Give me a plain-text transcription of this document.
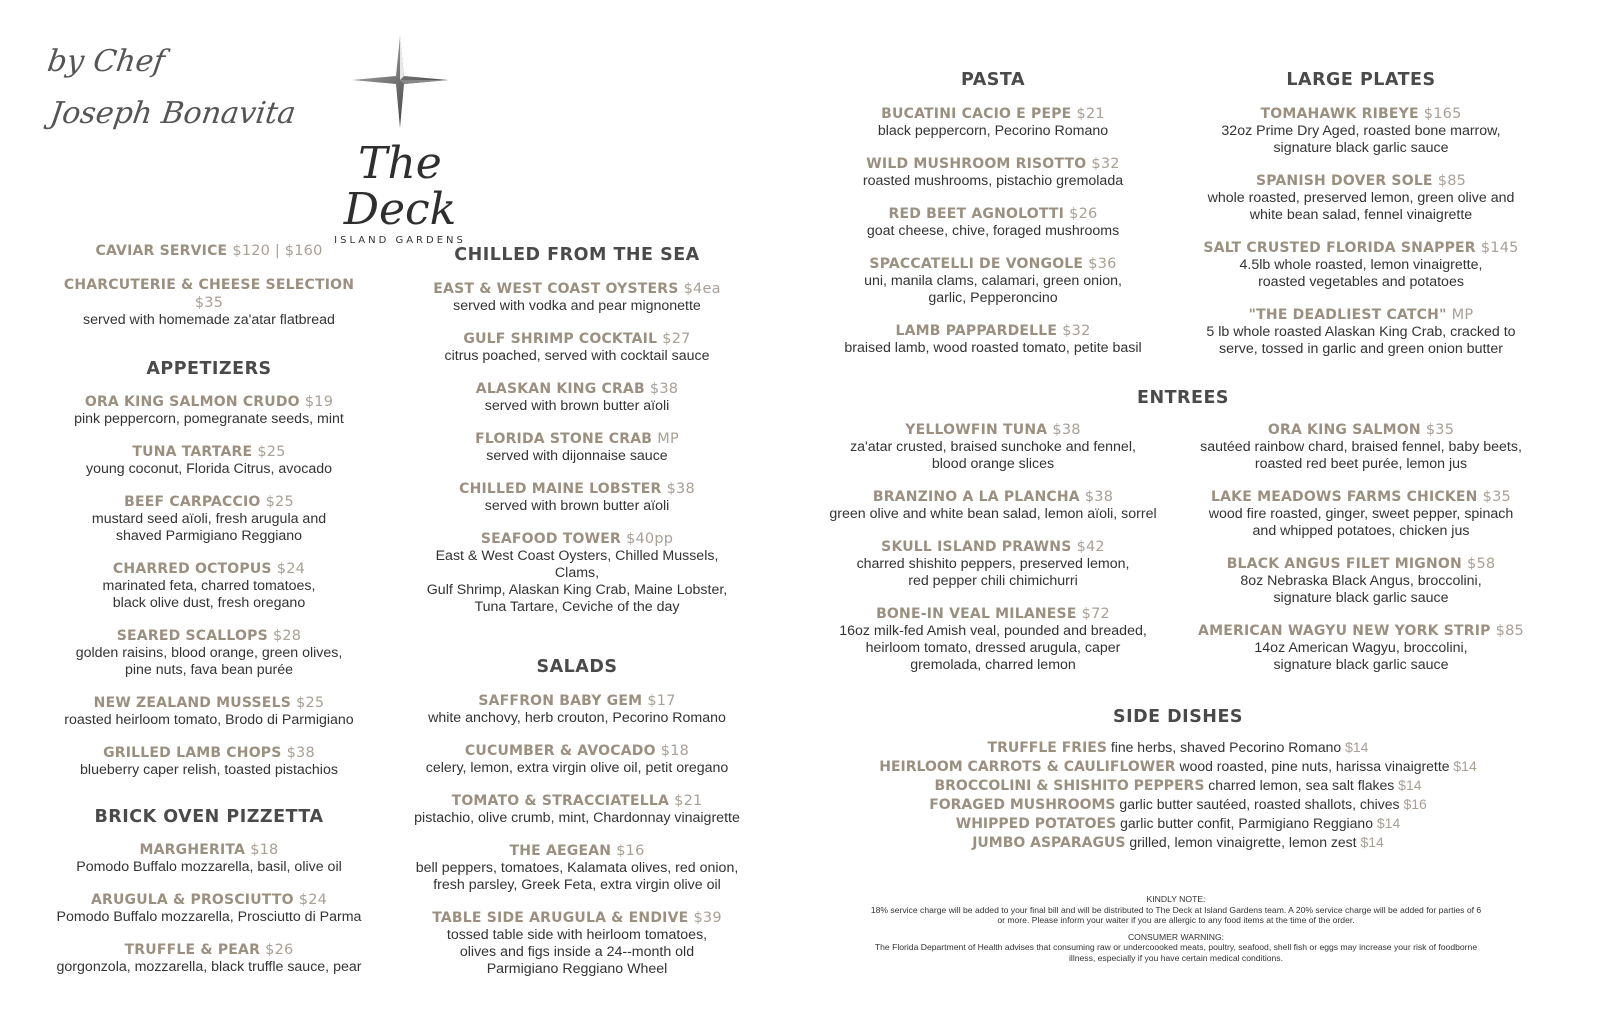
by Chef
Joseph Bonavita
The Deck
ISLAND GARDENS
CAVIAR SERVICE $120 | $160
CHARCUTERIE & CHEESE SELECTION $35
served with homemade za'atar flatbread
APPETIZERS
ORA KING SALMON CRUDO $19
pink peppercorn, pomegranate seeds, mint
TUNA TARTARE $25
young coconut, Florida Citrus, avocado
BEEF CARPACCIO $25
mustard seed aïoli, fresh arugula and
shaved Parmigiano Reggiano
CHARRED OCTOPUS $24
marinated feta, charred tomatoes,
black olive dust, fresh oregano
SEARED SCALLOPS $28
golden raisins, blood orange, green olives,
pine nuts, fava bean purée
NEW ZEALAND MUSSELS $25
roasted heirloom tomato, Brodo di Parmigiano
GRILLED LAMB CHOPS $38
blueberry caper relish, toasted pistachios
BRICK OVEN PIZZETTA
MARGHERITA $18
Pomodo Buffalo mozzarella, basil, olive oil
ARUGULA & PROSCIUTTO $24
Pomodo Buffalo mozzarella, Prosciutto di Parma
TRUFFLE & PEAR $26
gorgonzola, mozzarella, black truffle sauce, pear
CHILLED FROM THE SEA
EAST & WEST COAST OYSTERS $4ea
served with vodka and pear mignonette
GULF SHRIMP COCKTAIL $27
citrus poached, served with cocktail sauce
ALASKAN KING CRAB $38
served with brown butter aïoli
FLORIDA STONE CRAB MP
served with dijonnaise sauce
CHILLED MAINE LOBSTER $38
served with brown butter aïoli
SEAFOOD TOWER $40pp
East & West Coast Oysters, Chilled Mussels, Clams,
Gulf Shrimp, Alaskan King Crab, Maine Lobster,
Tuna Tartare, Ceviche of the day
SALADS
SAFFRON BABY GEM $17
white anchovy, herb crouton, Pecorino Romano
CUCUMBER & AVOCADO $18
celery, lemon, extra virgin olive oil, petit oregano
TOMATO & STRACCIATELLA $21
pistachio, olive crumb, mint, Chardonnay vinaigrette
THE AEGEAN $16
bell peppers, tomatoes, Kalamata olives, red onion,
fresh parsley, Greek Feta, extra virgin olive oil
TABLE SIDE ARUGULA & ENDIVE $39
tossed table side with heirloom tomatoes,
olives and figs inside a 24--month old
Parmigiano Reggiano Wheel
PASTA
BUCATINI CACIO E PEPE $21
black peppercorn, Pecorino Romano
WILD MUSHROOM RISOTTO $32
roasted mushrooms, pistachio gremolada
RED BEET AGNOLOTTI $26
goat cheese, chive, foraged mushrooms
SPACCATELLI DE VONGOLE $36
uni, manila clams, calamari, green onion,
garlic, Pepperoncino
LAMB PAPPARDELLE $32
braised lamb, wood roasted tomato, petite basil
LARGE PLATES
TOMAHAWK RIBEYE $165
32oz Prime Dry Aged, roasted bone marrow,
signature black garlic sauce
SPANISH DOVER SOLE $85
whole roasted, preserved lemon, green olive and
white bean salad, fennel vinaigrette
SALT CRUSTED FLORIDA SNAPPER $145
4.5lb whole roasted, lemon vinaigrette,
roasted vegetables and potatoes
"THE DEADLIEST CATCH" MP
5 lb whole roasted Alaskan King Crab, cracked to
serve, tossed in garlic and green onion butter
ENTREES
YELLOWFIN TUNA $38
za'atar crusted, braised sunchoke and fennel,
blood orange slices
BRANZINO A LA PLANCHA $38
green olive and white bean salad, lemon aïoli, sorrel
SKULL ISLAND PRAWNS $42
charred shishito peppers, preserved lemon,
red pepper chili chimichurri
BONE-IN VEAL MILANESE $72
16oz milk-fed Amish veal, pounded and breaded,
heirloom tomato, dressed arugula, caper
gremolada, charred lemon
ORA KING SALMON $35
sautéed rainbow chard, braised fennel, baby beets,
roasted red beet purée, lemon jus
LAKE MEADOWS FARMS CHICKEN $35
wood fire roasted, ginger, sweet pepper, spinach
and whipped potatoes, chicken jus
BLACK ANGUS FILET MIGNON $58
8oz Nebraska Black Angus, broccolini,
signature black garlic sauce
AMERICAN WAGYU NEW YORK STRIP $85
14oz American Wagyu, broccolini,
signature black garlic sauce
SIDE DISHES
TRUFFLE FRIES fine herbs, shaved Pecorino Romano $14
HEIRLOOM CARROTS & CAULIFLOWER wood roasted, pine nuts, harissa vinaigrette $14
BROCCOLINI & SHISHITO PEPPERS charred lemon, sea salt flakes $14
FORAGED MUSHROOMS garlic butter sautéed, roasted shallots, chives $16
WHIPPED POTATOES garlic butter confit, Parmigiano Reggiano $14
JUMBO ASPARAGUS grilled, lemon vinaigrette, lemon zest $14
KINDLY NOTE:
18% service charge will be added to your final bill and will be distributed to The Deck at Island Gardens team. A 20% service charge will be added for parties of 6 or more. Please inform your waiter if you are allergic to any food items at the time of the order.
CONSUMER WARNING:
The Florida Department of Health advises that consuming raw or undercoooked meats, poultry, seafood, shell fish or eggs may increase your risk of foodborne illness, especially if you have certain medical conditions.
